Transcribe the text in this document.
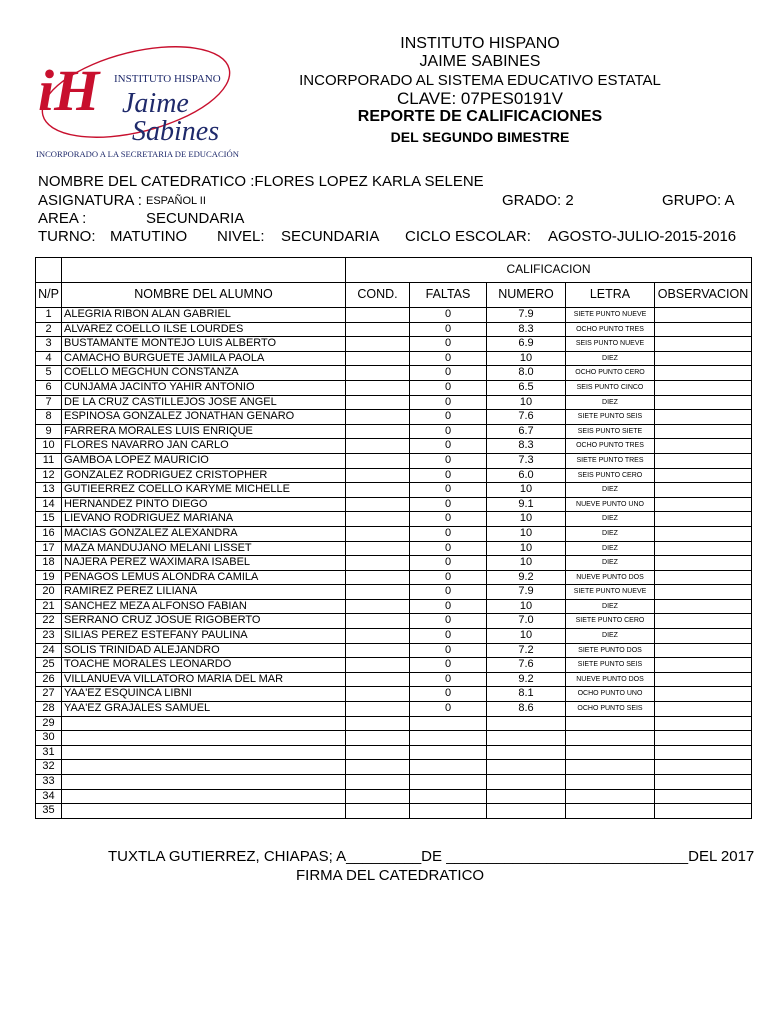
iH INSTITUTO HISPANO
Jaime
Sabines
INCORPORADO A LA SECRETARIA DE EDUCACIÓN
INSTITUTO HISPANO
JAIME SABINES
INCORPORADO AL SISTEMA EDUCATIVO ESTATAL
CLAVE: 07PES0191V
REPORTE DE CALIFICACIONES
DEL SEGUNDO BIMESTRE
NOMBRE DEL CATEDRATICO :FLORES LOPEZ KARLA SELENE
ASIGNATURA : ESPAÑOL II	GRADO: 2	GRUPO: A
AREA :	SECUNDARIA
TURNO: MATUTINO NIVEL: SECUNDARIA CICLO ESCOLAR: AGOSTO-JULIO-2015-2016
		CALIFICACION				
N/P	NOMBRE DEL ALUMNO	COND.	FALTAS	NUMERO	LETRA	OBSERVACION
1	ALEGRIA RIBON ALAN GABRIEL		0	7.9	SIETE PUNTO NUEVE	
2	ALVAREZ COELLO ILSE LOURDES		0	8.3	OCHO PUNTO TRES	
3	BUSTAMANTE MONTEJO LUIS ALBERTO		0	6.9	SEIS PUNTO NUEVE	
4	CAMACHO BURGUETE JAMILA PAOLA		0	10	DIEZ	
5	COELLO MEGCHUN CONSTANZA		0	8.0	OCHO PUNTO CERO	
6	CUNJAMA JACINTO YAHIR ANTONIO		0	6.5	SEIS PUNTO CINCO	
7	DE LA CRUZ CASTILLEJOS JOSE ANGEL		0	10	DIEZ	
8	ESPINOSA GONZALEZ JONATHAN GENARO		0	7.6	SIETE PUNTO SEIS	
9	FARRERA MORALES LUIS ENRIQUE		0	6.7	SEIS PUNTO SIETE	
10	FLORES NAVARRO JAN CARLO		0	8.3	OCHO PUNTO TRES	
11	GAMBOA LOPEZ MAURICIO		0	7.3	SIETE PUNTO TRES	
12	GONZALEZ RODRIGUEZ CRISTOPHER		0	6.0	SEIS PUNTO CERO	
13	GUTIEERREZ COELLO KARYME MICHELLE		0	10	DIEZ	
14	HERNANDEZ PINTO DIEGO		0	9.1	NUEVE PUNTO UNO	
15	LIEVANO RODRIGUEZ MARIANA		0	10	DIEZ	
16	MACIAS GONZALEZ ALEXANDRA		0	10	DIEZ	
17	MAZA MANDUJANO MELANI LISSET		0	10	DIEZ	
18	NAJERA PEREZ WAXIMARA ISABEL		0	10	DIEZ	
19	PENAGOS LEMUS ALONDRA CAMILA		0	9.2	NUEVE PUNTO DOS	
20	RAMIREZ PEREZ LILIANA		0	7.9	SIETE PUNTO NUEVE	
21	SANCHEZ MEZA ALFONSO FABIAN		0	10	DIEZ	
22	SERRANO CRUZ JOSUE RIGOBERTO		0	7.0	SIETE PUNTO CERO	
23	SILIAS PEREZ ESTEFANY PAULINA		0	10	DIEZ	
24	SOLIS TRINIDAD ALEJANDRO		0	7.2	SIETE PUNTO DOS	
25	TOACHE MORALES LEONARDO		0	7.6	SIETE PUNTO SEIS	
26	VILLANUEVA VILLATORO MARIA DEL MAR		0	9.2	NUEVE PUNTO DOS	
27	YAA'EZ ESQUINCA LIBNI		0	8.1	OCHO PUNTO UNO	
28	YAA'EZ GRAJALES SAMUEL		0	8.6	OCHO PUNTO SEIS	
29						
30						
31						
32						
33						
34						
35						
TUXTLA GUTIERREZ, CHIAPAS; A_________DE _____________________________DEL 2017
FIRMA DEL CATEDRATICO
